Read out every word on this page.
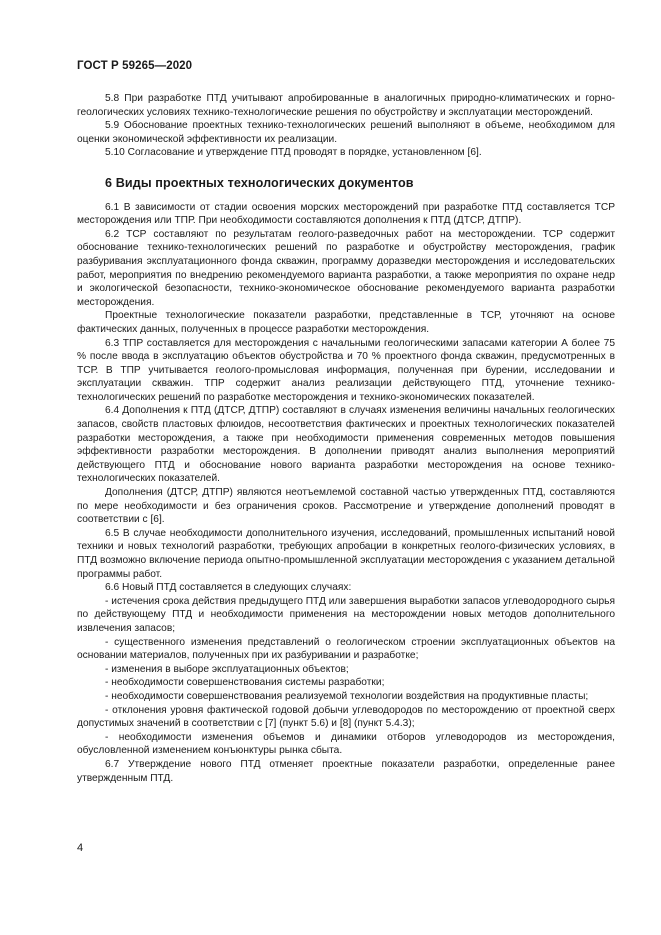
ГОСТ Р 59265—2020

5.8 При разработке ПТД учитывают апробированные в аналогичных природно-климатических и горно-геологических условиях технико-технологические решения по обустройству и эксплуатации месторождений.

5.9 Обоснование проектных технико-технологических решений выполняют в объеме, необходимом для оценки экономической эффективности их реализации.

5.10 Согласование и утверждение ПТД проводят в порядке, установленном [6].

6 Виды проектных технологических документов

6.1 В зависимости от стадии освоения морских месторождений при разработке ПТД составляется ТСР месторождения или ТПР. При необходимости составляются дополнения к ПТД (ДТСР, ДТПР).

6.2 ТСР составляют по результатам геолого-разведочных работ на месторождении. ТСР содержит обоснование технико-технологических решений по разработке и обустройству месторождения, график разбуривания эксплуатационного фонда скважин, программу доразведки месторождения и исследовательских работ, мероприятия по внедрению рекомендуемого варианта разработки, а также мероприятия по охране недр и экологической безопасности, технико-экономическое обоснование рекомендуемого варианта разработки месторождения.

Проектные технологические показатели разработки, представленные в ТСР, уточняют на основе фактических данных, полученных в процессе разработки месторождения.

6.3 ТПР составляется для месторождения с начальными геологическими запасами категории А более 75 % после ввода в эксплуатацию объектов обустройства и 70 % проектного фонда скважин, предусмотренных в ТСР. В ТПР учитывается геолого-промысловая информация, полученная при бурении, исследовании и эксплуатации скважин. ТПР содержит анализ реализации действующего ПТД, уточнение технико-технологических решений по разработке месторождения и технико-экономических показателей.

6.4 Дополнения к ПТД (ДТСР, ДТПР) составляют в случаях изменения величины начальных геологических запасов, свойств пластовых флюидов, несоответствия фактических и проектных технологических показателей разработки месторождения, а также при необходимости применения современных методов повышения эффективности разработки месторождения. В дополнении приводят анализ выполнения мероприятий действующего ПТД и обоснование нового варианта разработки месторождения на основе технико-технологических показателей.

Дополнения (ДТСР, ДТПР) являются неотъемлемой составной частью утвержденных ПТД, составляются по мере необходимости и без ограничения сроков. Рассмотрение и утверждение дополнений проводят в соответствии с [6].

6.5 В случае необходимости дополнительного изучения, исследований, промышленных испытаний новой техники и новых технологий разработки, требующих апробации в конкретных геолого-физических условиях, в ПТД возможно включение периода опытно-промышленной эксплуатации месторождения с указанием детальной программы работ.

6.6 Новый ПТД составляется в следующих случаях:

- истечения срока действия предыдущего ПТД или завершения выработки запасов углеводородного сырья по действующему ПТД и необходимости применения на месторождении новых методов дополнительного извлечения запасов;

- существенного изменения представлений о геологическом строении эксплуатационных объектов на основании материалов, полученных при их разбуривании и разработке;

- изменения в выборе эксплуатационных объектов;

- необходимости совершенствования системы разработки;

- необходимости совершенствования реализуемой технологии воздействия на продуктивные пласты;

- отклонения уровня фактической годовой добычи углеводородов по месторождению от проектной сверх допустимых значений в соответствии с [7] (пункт 5.6) и [8] (пункт 5.4.3);

- необходимости изменения объемов и динамики отборов углеводородов из месторождения, обусловленной изменением конъюнктуры рынка сбыта.

6.7 Утверждение нового ПТД отменяет проектные показатели разработки, определенные ранее утвержденным ПТД.

4
